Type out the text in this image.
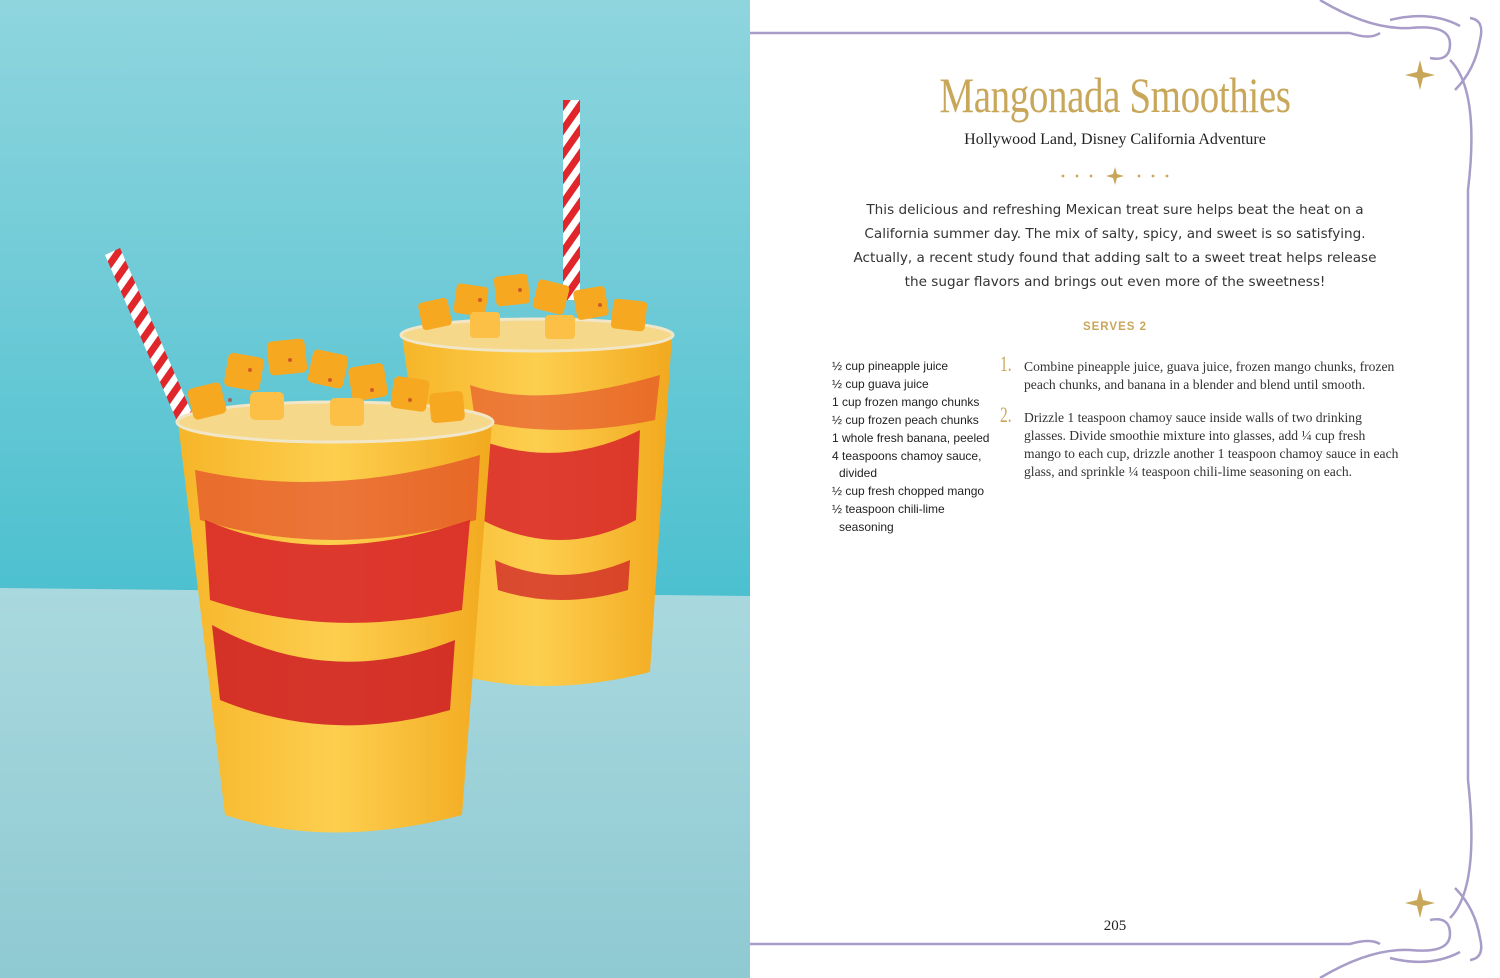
Mangonada Smoothies
Hollywood Land, Disney California Adventure
This delicious and refreshing Mexican treat sure helps beat the heat on a California summer day. The mix of salty, spicy, and sweet is so satisfying. Actually, a recent study found that adding salt to a sweet treat helps release the sugar flavors and brings out even more of the sweetness!
SERVES 2
½ cup pineapple juice
½ cup guava juice
1 cup frozen mango chunks
½ cup frozen peach chunks
1 whole fresh banana, peeled
4 teaspoons chamoy sauce, divided
½ cup fresh chopped mango
½ teaspoon chili-lime seasoning
1. Combine pineapple juice, guava juice, frozen mango chunks, frozen peach chunks, and banana in a blender and blend until smooth.
2. Drizzle 1 teaspoon chamoy sauce inside walls of two drinking glasses. Divide smoothie mixture into glasses, add ¼ cup fresh mango to each cup, drizzle another 1 teaspoon chamoy sauce in each glass, and sprinkle ¼ teaspoon chili-lime seasoning on each.
205
